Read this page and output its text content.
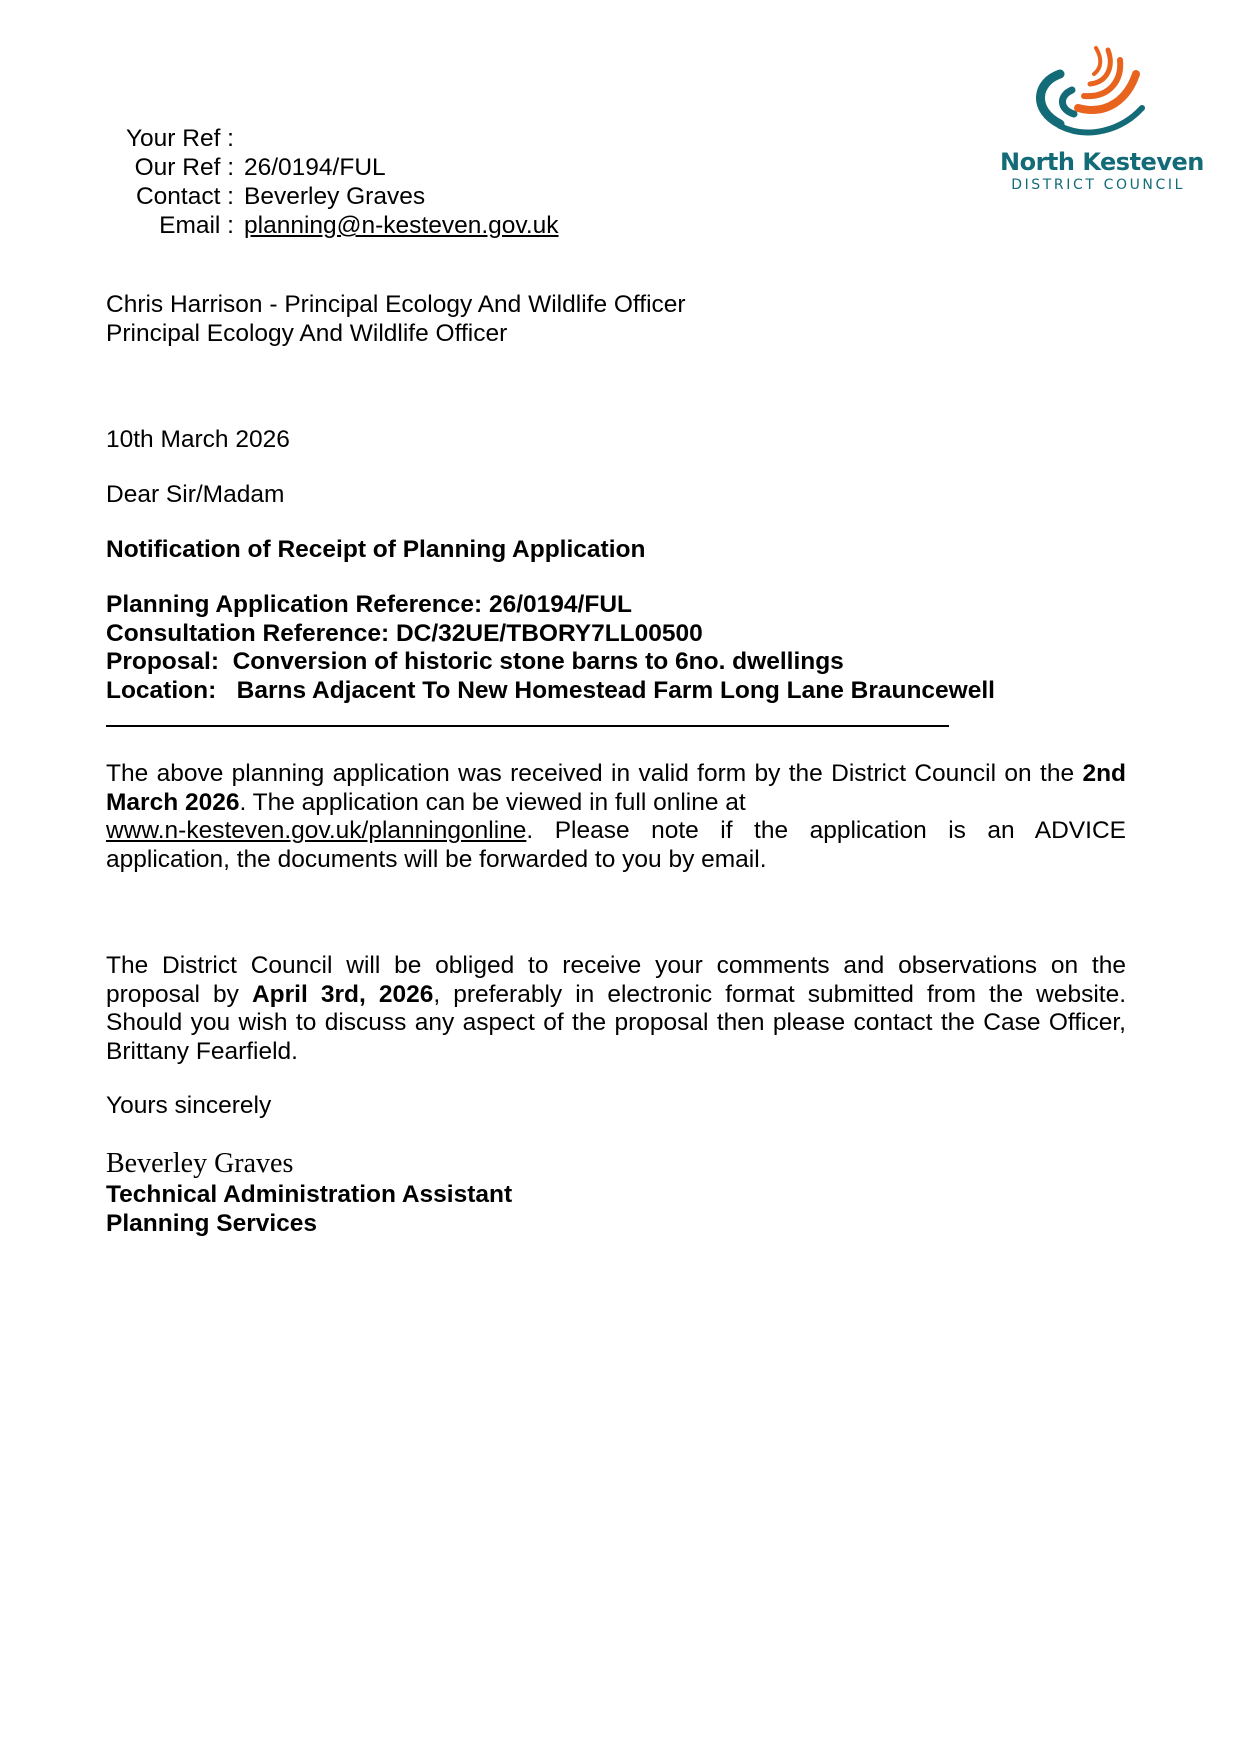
Your Ref :
Our Ref : 26/0194/FUL
Contact : Beverley Graves
Email : planning@n-kesteven.gov.uk
North Kesteven
DISTRICT COUNCIL
Chris Harrison - Principal Ecology And Wildlife Officer
Principal Ecology And Wildlife Officer
10th March 2026
Dear Sir/Madam
Notification of Receipt of Planning Application
Planning Application Reference: 26/0194/FUL
Consultation Reference: DC/32UE/TBORY7LL00500
Proposal:  Conversion of historic stone barns to 6no. dwellings
Location:   Barns Adjacent To New Homestead Farm Long Lane Brauncewell
The above planning application was received in valid form by the District Council on the 2nd
March 2026. The application can be viewed in full online at
www.n-kesteven.gov.uk/planningonline. Please note if the application is an ADVICE
application, the documents will be forwarded to you by email.
The District Council will be obliged to receive your comments and observations on the
proposal by April 3rd, 2026, preferably in electronic format submitted from the website.
Should you wish to discuss any aspect of the proposal then please contact the Case Officer,
Brittany Fearfield.
Yours sincerely
Beverley Graves
Technical Administration Assistant
Planning Services
